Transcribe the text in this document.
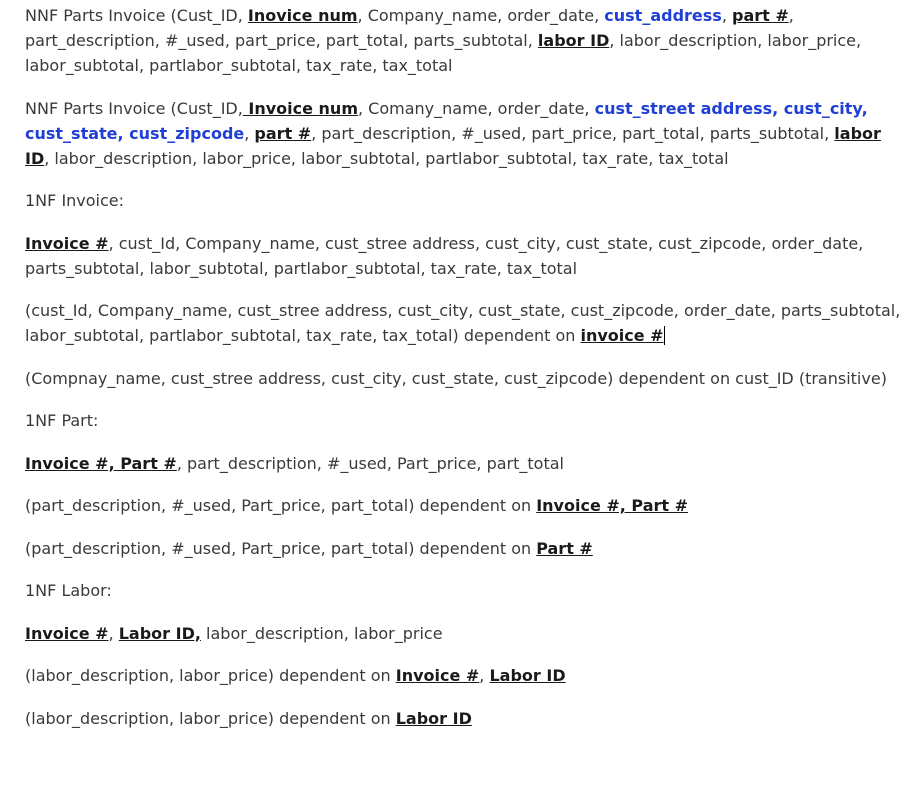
NNF Parts Invoice (Cust_ID, Inovice num, Company_name, order_date, cust_address, part #, part_description, #_used, part_price, part_total, parts_subtotal, labor ID, labor_description, labor_price, labor_subtotal, partlabor_subtotal, tax_rate, tax_total

NNF Parts Invoice (Cust_ID, Invoice num, Comany_name, order_date, cust_street address, cust_city, cust_state, cust_zipcode, part #, part_description, #_used, part_price, part_total, parts_subtotal, labor ID, labor_description, labor_price, labor_subtotal, partlabor_subtotal, tax_rate, tax_total

1NF Invoice:

Invoice #, cust_Id, Company_name, cust_stree address, cust_city, cust_state, cust_zipcode, order_date, parts_subtotal, labor_subtotal, partlabor_subtotal, tax_rate, tax_total

(cust_Id, Company_name, cust_stree address, cust_city, cust_state, cust_zipcode, order_date, parts_subtotal, labor_subtotal, partlabor_subtotal, tax_rate, tax_total) dependent on invoice #

(Compnay_name, cust_stree address, cust_city, cust_state, cust_zipcode) dependent on cust_ID (transitive)

1NF Part:

Invoice #, Part #, part_description, #_used, Part_price, part_total

(part_description, #_used, Part_price, part_total) dependent on Invoice #, Part #

(part_description, #_used, Part_price, part_total) dependent on Part #

1NF Labor:

Invoice #, Labor ID, labor_description, labor_price

(labor_description, labor_price) dependent on Invoice #, Labor ID

(labor_description, labor_price) dependent on Labor ID
